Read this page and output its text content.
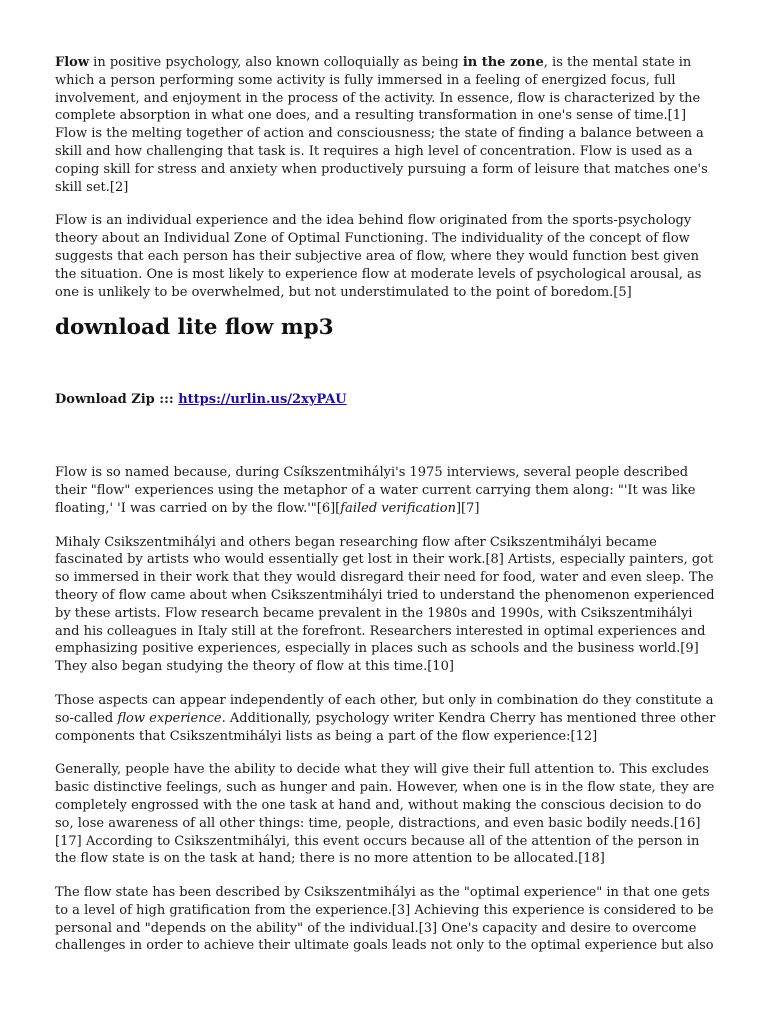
Flow in positive psychology, also known colloquially as being in the zone, is the mental state in which a person performing some activity is fully immersed in a feeling of energized focus, full involvement, and enjoyment in the process of the activity. In essence, flow is characterized by the complete absorption in what one does, and a resulting transformation in one's sense of time.[1] Flow is the melting together of action and consciousness; the state of finding a balance between a skill and how challenging that task is. It requires a high level of concentration. Flow is used as a coping skill for stress and anxiety when productively pursuing a form of leisure that matches one's skill set.[2]

Flow is an individual experience and the idea behind flow originated from the sports-psychology theory about an Individual Zone of Optimal Functioning. The individuality of the concept of flow suggests that each person has their subjective area of flow, where they would function best given the situation. One is most likely to experience flow at moderate levels of psychological arousal, as one is unlikely to be overwhelmed, but not understimulated to the point of boredom.[5]

download lite flow mp3
Download Zip ::: https://urlin.us/2xyPAU

Flow is so named because, during Csíkszentmihályi's 1975 interviews, several people described their "flow" experiences using the metaphor of a water current carrying them along: "'It was like floating,' 'I was carried on by the flow.'"[6][failed verification][7]

Mihaly Csikszentmihályi and others began researching flow after Csikszentmihályi became fascinated by artists who would essentially get lost in their work.[8] Artists, especially painters, got so immersed in their work that they would disregard their need for food, water and even sleep. The theory of flow came about when Csikszentmihályi tried to understand the phenomenon experienced by these artists. Flow research became prevalent in the 1980s and 1990s, with Csikszentmihályi and his colleagues in Italy still at the forefront. Researchers interested in optimal experiences and emphasizing positive experiences, especially in places such as schools and the business world.[9] They also began studying the theory of flow at this time.[10]

Those aspects can appear independently of each other, but only in combination do they constitute a so-called flow experience. Additionally, psychology writer Kendra Cherry has mentioned three other components that Csikszentmihályi lists as being a part of the flow experience:[12]

Generally, people have the ability to decide what they will give their full attention to. This excludes basic distinctive feelings, such as hunger and pain. However, when one is in the flow state, they are completely engrossed with the one task at hand and, without making the conscious decision to do so, lose awareness of all other things: time, people, distractions, and even basic bodily needs.[16][17] According to Csikszentmihályi, this event occurs because all of the attention of the person in the flow state is on the task at hand; there is no more attention to be allocated.[18]

The flow state has been described by Csikszentmihályi as the "optimal experience" in that one gets to a level of high gratification from the experience.[3] Achieving this experience is considered to be personal and "depends on the ability" of the individual.[3] One's capacity and desire to overcome challenges in order to achieve their ultimate goals leads not only to the optimal experience but also
